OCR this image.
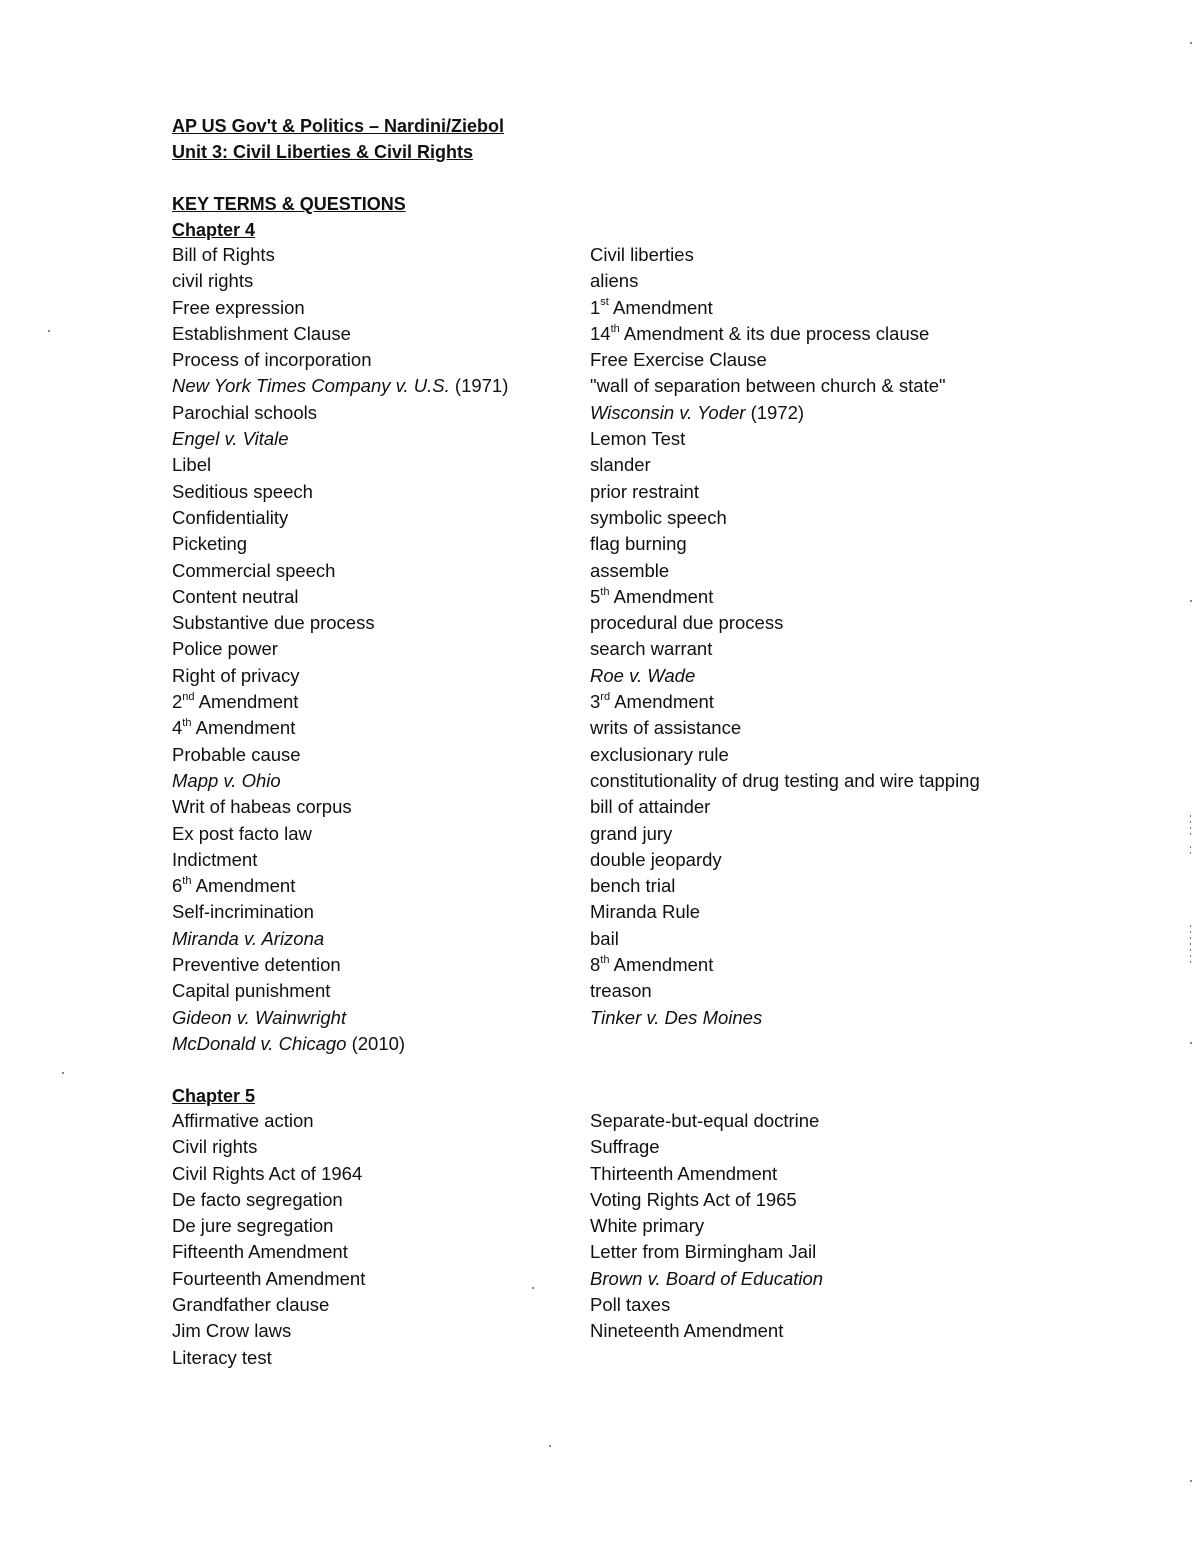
AP US Gov't & Politics – Nardini/Ziebol
Unit 3: Civil Liberties & Civil Rights
KEY TERMS & QUESTIONS
Chapter 4
Bill of Rights
civil rights
Free expression
Establishment Clause
Process of incorporation
New York Times Company v. U.S. (1971)
Parochial schools
Engel v. Vitale
Libel
Seditious speech
Confidentiality
Picketing
Commercial speech
Content neutral
Substantive due process
Police power
Right of privacy
2nd Amendment
4th Amendment
Probable cause
Mapp v. Ohio
Writ of habeas corpus
Ex post facto law
Indictment
6th Amendment
Self-incrimination
Miranda v. Arizona
Preventive detention
Capital punishment
Gideon v. Wainwright
McDonald v. Chicago (2010)
Civil liberties
aliens
1st Amendment
14th Amendment & its due process clause
Free Exercise Clause
"wall of separation between church & state"
Wisconsin v. Yoder (1972)
Lemon Test
slander
prior restraint
symbolic speech
flag burning
assemble
5th Amendment
procedural due process
search warrant
Roe v. Wade
3rd Amendment
writs of assistance
exclusionary rule
constitutionality of drug testing and wire tapping
bill of attainder
grand jury
double jeopardy
bench trial
Miranda Rule
bail
8th Amendment
treason
Tinker v. Des Moines
Chapter 5
Affirmative action
Civil rights
Civil Rights Act of 1964
De facto segregation
De jure segregation
Fifteenth Amendment
Fourteenth Amendment
Grandfather clause
Jim Crow laws
Literacy test
Separate-but-equal doctrine
Suffrage
Thirteenth Amendment
Voting Rights Act of 1965
White primary
Letter from Birmingham Jail
Brown v. Board of Education
Poll taxes
Nineteenth Amendment
